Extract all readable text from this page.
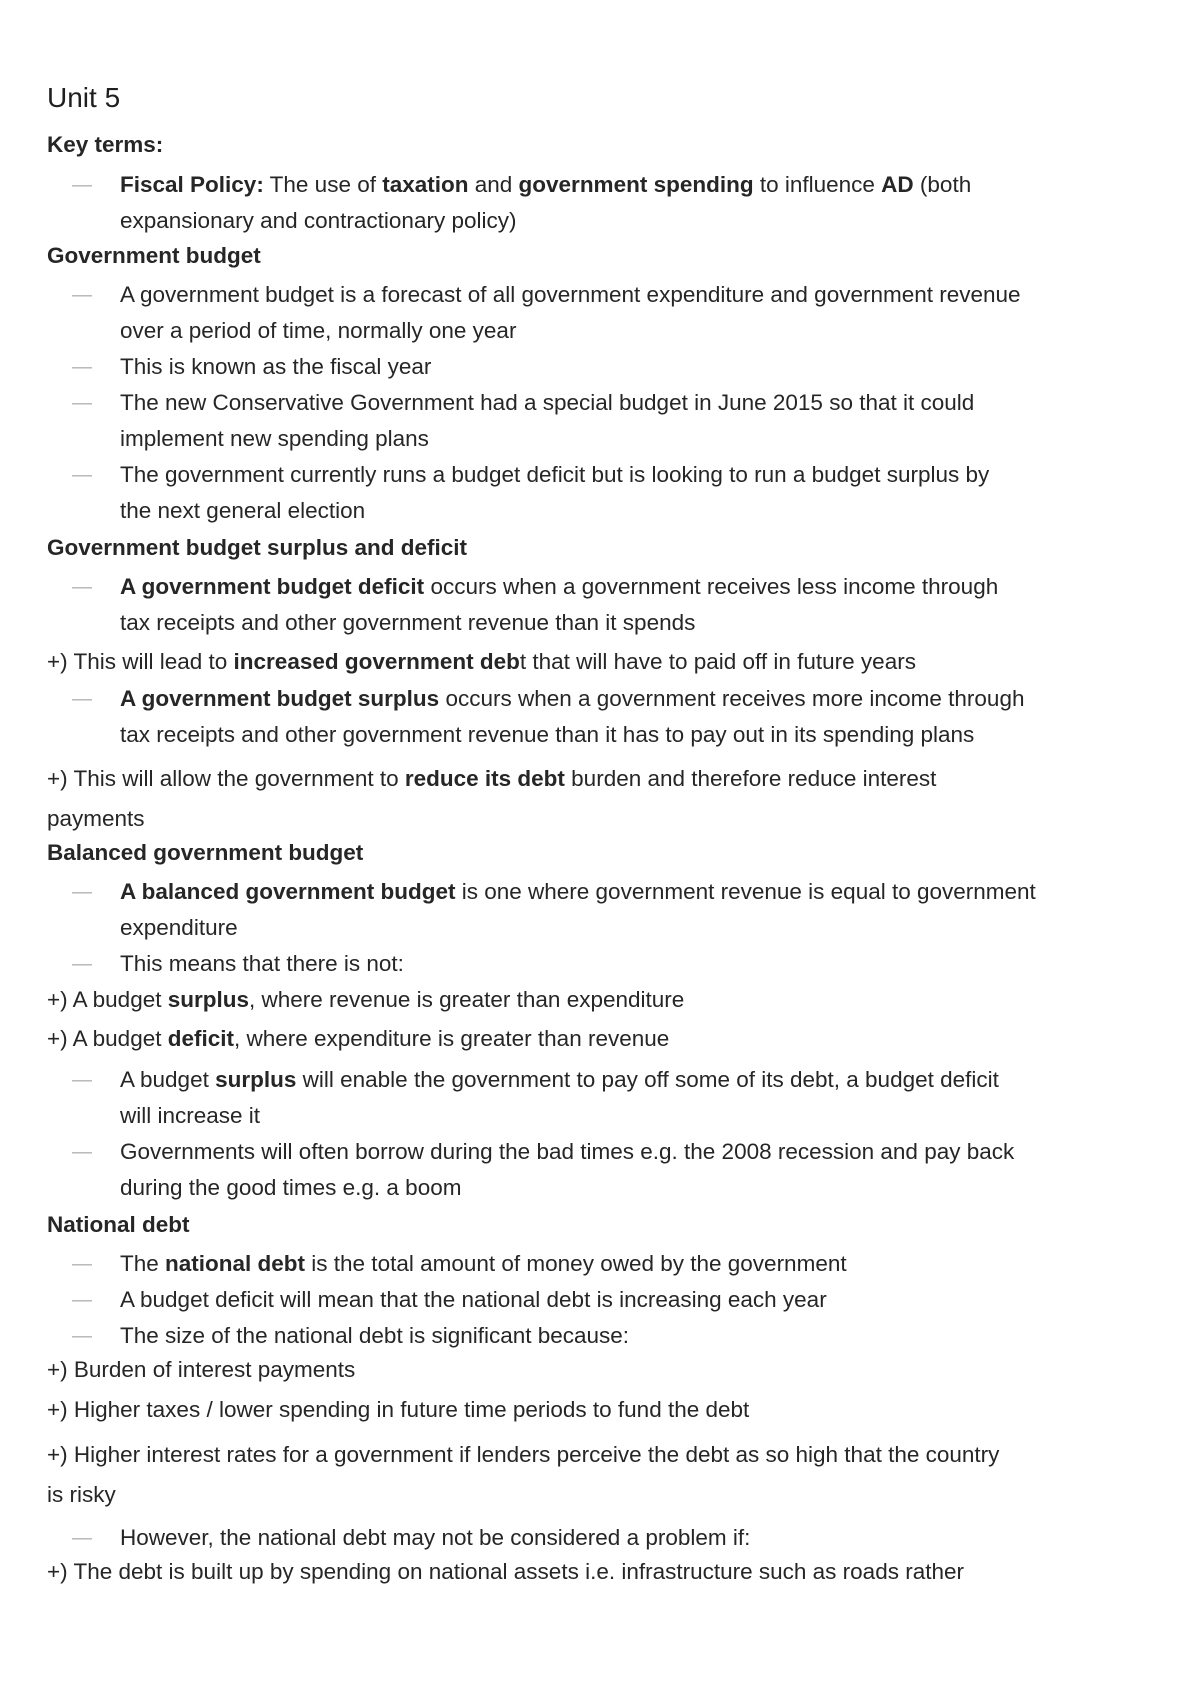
Unit 5
Key terms:
— Fiscal Policy: The use of taxation and government spending to influence AD (both
expansionary and contractionary policy)
Government budget
— A government budget is a forecast of all government expenditure and government revenue
over a period of time, normally one year
— This is known as the fiscal year
— The new Conservative Government had a special budget in June 2015 so that it could
implement new spending plans
— The government currently runs a budget deficit but is looking to run a budget surplus by
the next general election
Government budget surplus and deficit
— A government budget deficit occurs when a government receives less income through
tax receipts and other government revenue than it spends
+) This will lead to increased government debt that will have to paid off in future years
— A government budget surplus occurs when a government receives more income through
tax receipts and other government revenue than it has to pay out in its spending plans
+) This will allow the government to reduce its debt burden and therefore reduce interest
payments
Balanced government budget
— A balanced government budget is one where government revenue is equal to government
expenditure
— This means that there is not:
+) A budget surplus, where revenue is greater than expenditure
+) A budget deficit, where expenditure is greater than revenue
— A budget surplus will enable the government to pay off some of its debt, a budget deficit
will increase it
— Governments will often borrow during the bad times e.g. the 2008 recession and pay back
during the good times e.g. a boom
National debt
— The national debt is the total amount of money owed by the government
— A budget deficit will mean that the national debt is increasing each year
— The size of the national debt is significant because:
+) Burden of interest payments
+) Higher taxes / lower spending in future time periods to fund the debt
+) Higher interest rates for a government if lenders perceive the debt as so high that the country
is risky
— However, the national debt may not be considered a problem if:
+) The debt is built up by spending on national assets i.e. infrastructure such as roads rather
